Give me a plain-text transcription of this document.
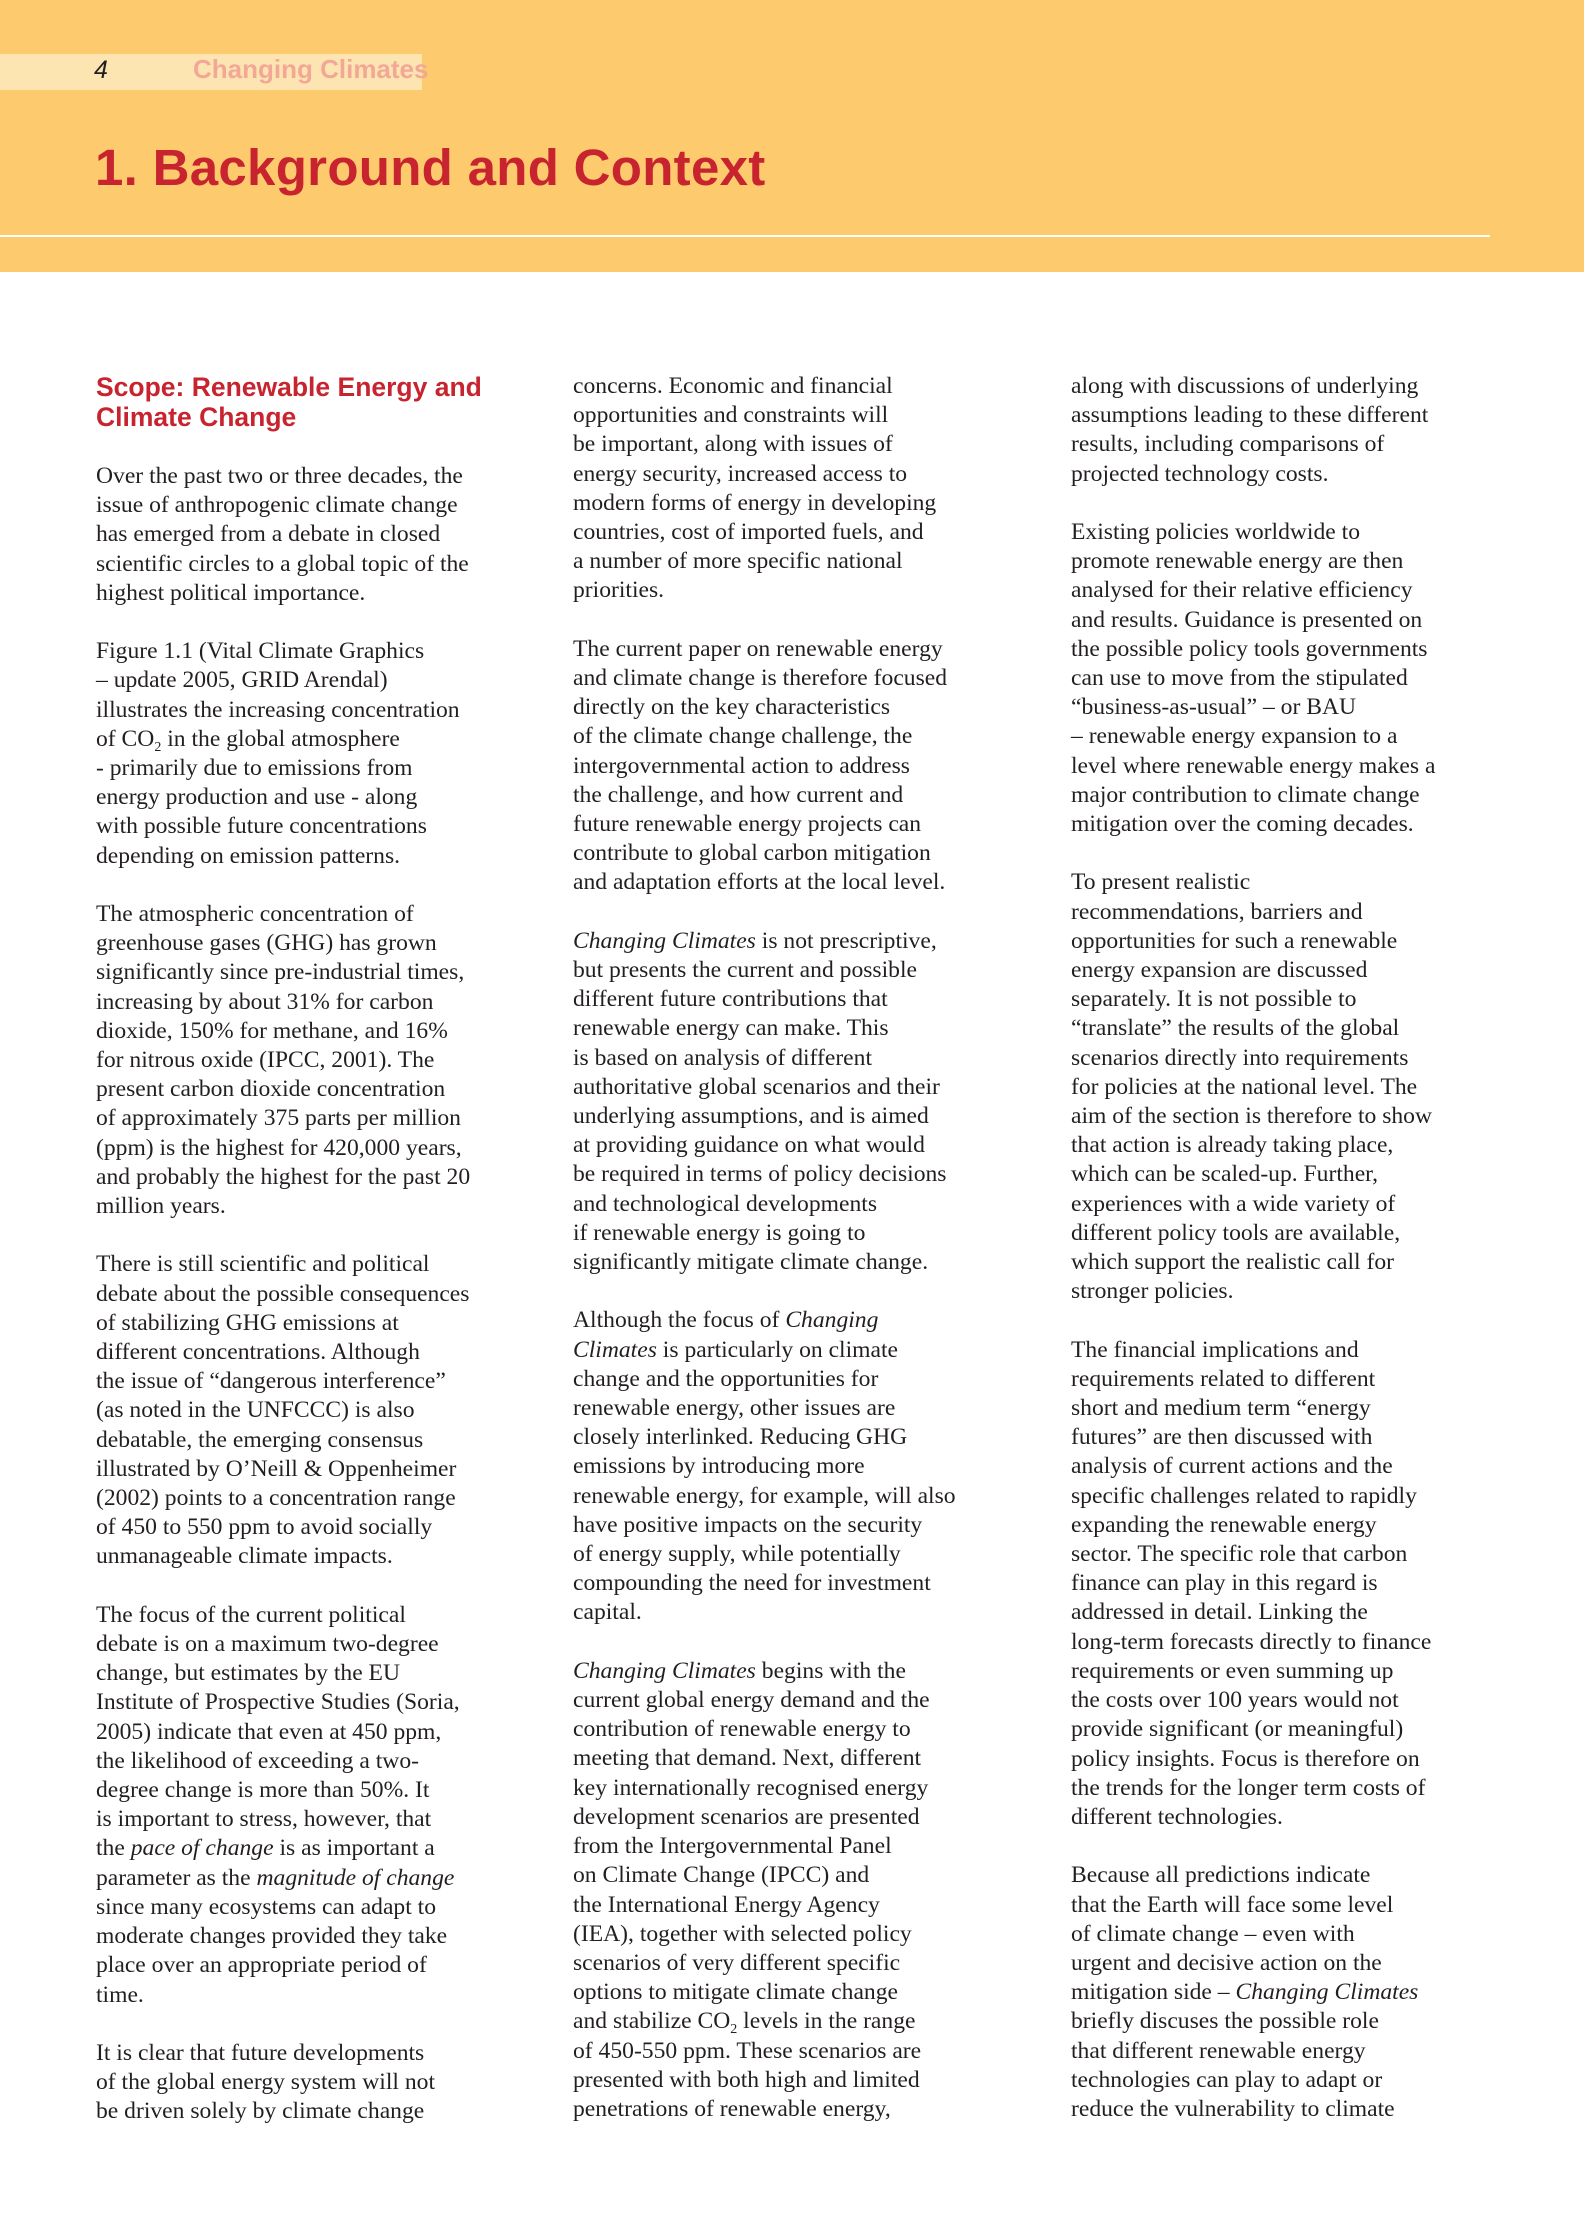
4	Changing Climates
1. Background and Context
Scope: Renewable Energy and
Climate Change

Over the past two or three decades, the
issue of anthropogenic climate change
has emerged from a debate in closed
scientific circles to a global topic of the
highest political importance.

Figure 1.1 (Vital Climate Graphics
– update 2005, GRID Arendal)
illustrates the increasing concentration
of $CO_2$ in the global atmosphere
- primarily due to emissions from
energy production and use - along
with possible future concentrations
depending on emission patterns.

The atmospheric concentration of
greenhouse gases (GHG) has grown
significantly since pre-industrial times,
increasing by about 31% for carbon
dioxide, 150% for methane, and 16%
for nitrous oxide (IPCC, 2001). The
present carbon dioxide concentration
of approximately 375 parts per million
(ppm) is the highest for 420,000 years,
and probably the highest for the past 20
million years.

There is still scientific and political
debate about the possible consequences
of stabilizing GHG emissions at
different concentrations. Although
the issue of “dangerous interference”
(as noted in the UNFCCC) is also
debatable, the emerging consensus
illustrated by O’Neill & Oppenheimer
(2002) points to a concentration range
of 450 to 550 ppm to avoid socially
unmanageable climate impacts.

The focus of the current political
debate is on a maximum two-degree
change, but estimates by the EU
Institute of Prospective Studies (Soria,
2005) indicate that even at 450 ppm,
the likelihood of exceeding a two-
degree change is more than 50%. It
is important to stress, however, that
the pace of change is as important a
parameter as the magnitude of change
since many ecosystems can adapt to
moderate changes provided they take
place over an appropriate period of
time.

It is clear that future developments
of the global energy system will not
be driven solely by climate change

concerns. Economic and financial
opportunities and constraints will
be important, along with issues of
energy security, increased access to
modern forms of energy in developing
countries, cost of imported fuels, and
a number of more specific national
priorities.

The current paper on renewable energy
and climate change is therefore focused
directly on the key characteristics
of the climate change challenge, the
intergovernmental action to address
the challenge, and how current and
future renewable energy projects can
contribute to global carbon mitigation
and adaptation efforts at the local level.

Changing Climates is not prescriptive,
but presents the current and possible
different future contributions that
renewable energy can make. This
is based on analysis of different
authoritative global scenarios and their
underlying assumptions, and is aimed
at providing guidance on what would
be required in terms of policy decisions
and technological developments
if renewable energy is going to
significantly mitigate climate change.

Although the focus of Changing
Climates is particularly on climate
change and the opportunities for
renewable energy, other issues are
closely interlinked. Reducing GHG
emissions by introducing more
renewable energy, for example, will also
have positive impacts on the security
of energy supply, while potentially
compounding the need for investment
capital.

Changing Climates begins with the
current global energy demand and the
contribution of renewable energy to
meeting that demand. Next, different
key internationally recognised energy
development scenarios are presented
from the Intergovernmental Panel
on Climate Change (IPCC) and
the International Energy Agency
(IEA), together with selected policy
scenarios of very different specific
options to mitigate climate change
and stabilize $CO_2$ levels in the range
of 450-550 ppm. These scenarios are
presented with both high and limited
penetrations of renewable energy,

along with discussions of underlying
assumptions leading to these different
results, including comparisons of
projected technology costs.

Existing policies worldwide to
promote renewable energy are then
analysed for their relative efficiency
and results. Guidance is presented on
the possible policy tools governments
can use to move from the stipulated
“business-as-usual” – or BAU
– renewable energy expansion to a
level where renewable energy makes a
major contribution to climate change
mitigation over the coming decades.

To present realistic
recommendations, barriers and
opportunities for such a renewable
energy expansion are discussed
separately. It is not possible to
“translate” the results of the global
scenarios directly into requirements
for policies at the national level. The
aim of the section is therefore to show
that action is already taking place,
which can be scaled-up. Further,
experiences with a wide variety of
different policy tools are available,
which support the realistic call for
stronger policies.

The financial implications and
requirements related to different
short and medium term “energy
futures” are then discussed with
analysis of current actions and the
specific challenges related to rapidly
expanding the renewable energy
sector. The specific role that carbon
finance can play in this regard is
addressed in detail. Linking the
long-term forecasts directly to finance
requirements or even summing up
the costs over 100 years would not
provide significant (or meaningful)
policy insights. Focus is therefore on
the trends for the longer term costs of
different technologies.

Because all predictions indicate
that the Earth will face some level
of climate change – even with
urgent and decisive action on the
mitigation side – Changing Climates
briefly discuses the possible role
that different renewable energy
technologies can play to adapt or
reduce the vulnerability to climate
